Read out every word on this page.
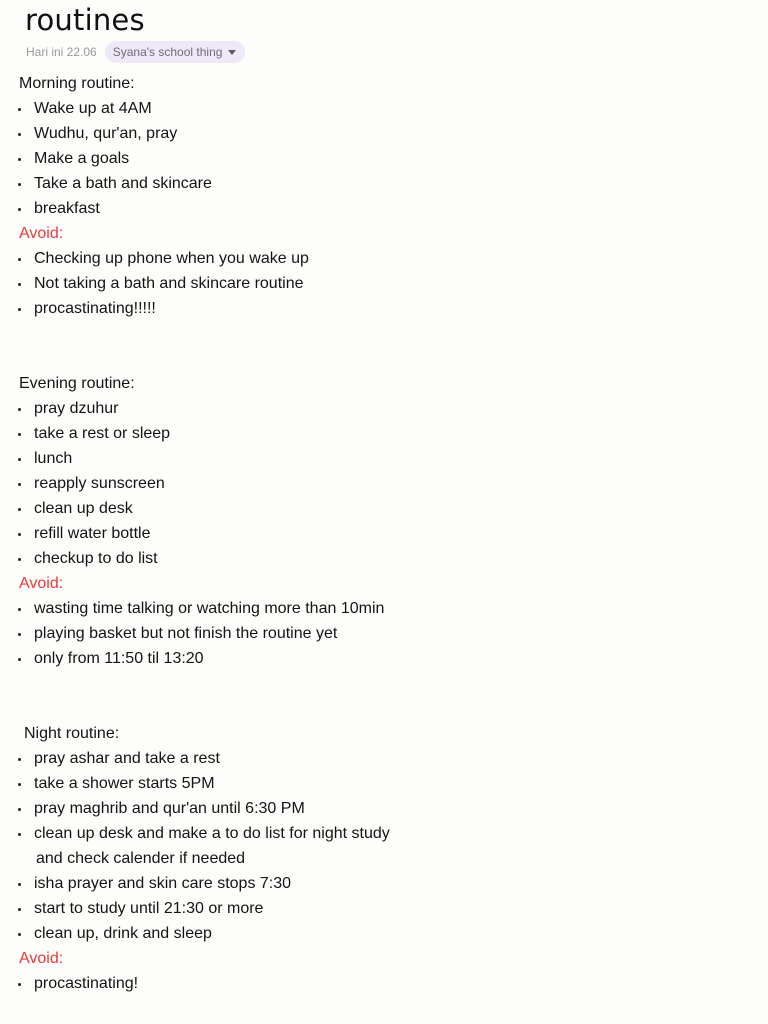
routines
Hari ini 22.06 Syana's school thing
Morning routine:
Wake up at 4AM
Wudhu, qur'an, pray
Make a goals
Take a bath and skincare
breakfast
Avoid:
Checking up phone when you wake up
Not taking a bath and skincare routine
procastinating!!!!!
Evening routine:
pray dzuhur
take a rest or sleep
lunch
reapply sunscreen
clean up desk
refill water bottle
checkup to do list
Avoid:
wasting time talking or watching more than 10min
playing basket but not finish the routine yet
only from 11:50 til 13:20
Night routine:
pray ashar and take a rest
take a shower starts 5PM
pray maghrib and qur'an until 6:30 PM
clean up desk and make a to do list for night study
and check calender if needed
isha prayer and skin care stops 7:30
start to study until 21:30 or more
clean up, drink and sleep
Avoid:
procastinating!
